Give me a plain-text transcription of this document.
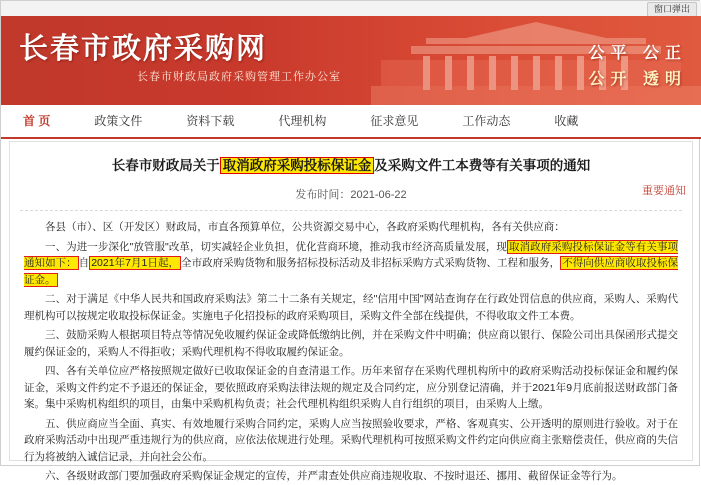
窗口弹出
长春市政府采购网
长春市财政局政府采购管理工作办公室
公平 公正
公开 透明
首 页	政策文件	资料下载	代理机构	征求意见	工作动态	收藏
长春市财政局关于 取消政府采购投标保证金 及采购文件工本费等有关事项的通知
重要通知
发布时间：2021-06-22

各县（市）、区（开发区）财政局，市直各预算单位，公共资源交易中心，各政府采购代理机构，各有关供应商：

一、为进一步深化"放管服"改革，切实减轻企业负担，优化营商环境，推动我市经济高质量发展，现 取消政府采购投标保证金等有关事项通知如下： 自 2021年7月1日起， 全市政府采购货物和服务招标投标活动及非招标采购方式采购货物、工程和服务， 不得向供应商收取投标保证金。

二、对于满足《中华人民共和国政府采购法》第二十二条有关规定，经"信用中国"网站查询存在行政处罚信息的供应商，采购人、采购代理机构可以按规定收取投标保证金。实施电子化招投标的政府采购项目，采购文件全部在线提供，不得收取文件工本费。

三、鼓励采购人根据项目特点等情况免收履约保证金或降低缴纳比例，并在采购文件中明确；供应商以银行、保险公司出具保函形式提交履约保证金的，采购人不得拒收；采购代理机构不得收取履约保证金。

四、各有关单位应严格按照规定做好已收取保证金的自查清退工作。历年来留存在采购代理机构所中的政府采购活动投标保证金和履约保证金，采购文件约定不予退还的保证金，要依照政府采购法律法规的规定及合同约定，应分别登记清确，并于2021年9月底前报送财政部门备案。集中采购机构组织的项目，由集中采购机构负责；社会代理机构组织采购人自行组织的项目，由采购人上缴。

五、供应商应当全面、真实、有效地履行采购合同约定，采购人应当按照验收要求，严格、客观真实、公开透明的原则进行验收。对于在政府采购活动中出现严重违规行为的供应商，应依法依规进行处理。采购代理机构可按照采购文件约定向供应商主张赔偿责任，供应商的失信行为将被纳入诚信记录，并向社会公布。

六、各级财政部门要加强政府采购保证金规定的宣传，并严肃查处供应商违规收取、不按时退还、挪用、截留保证金等行为。
